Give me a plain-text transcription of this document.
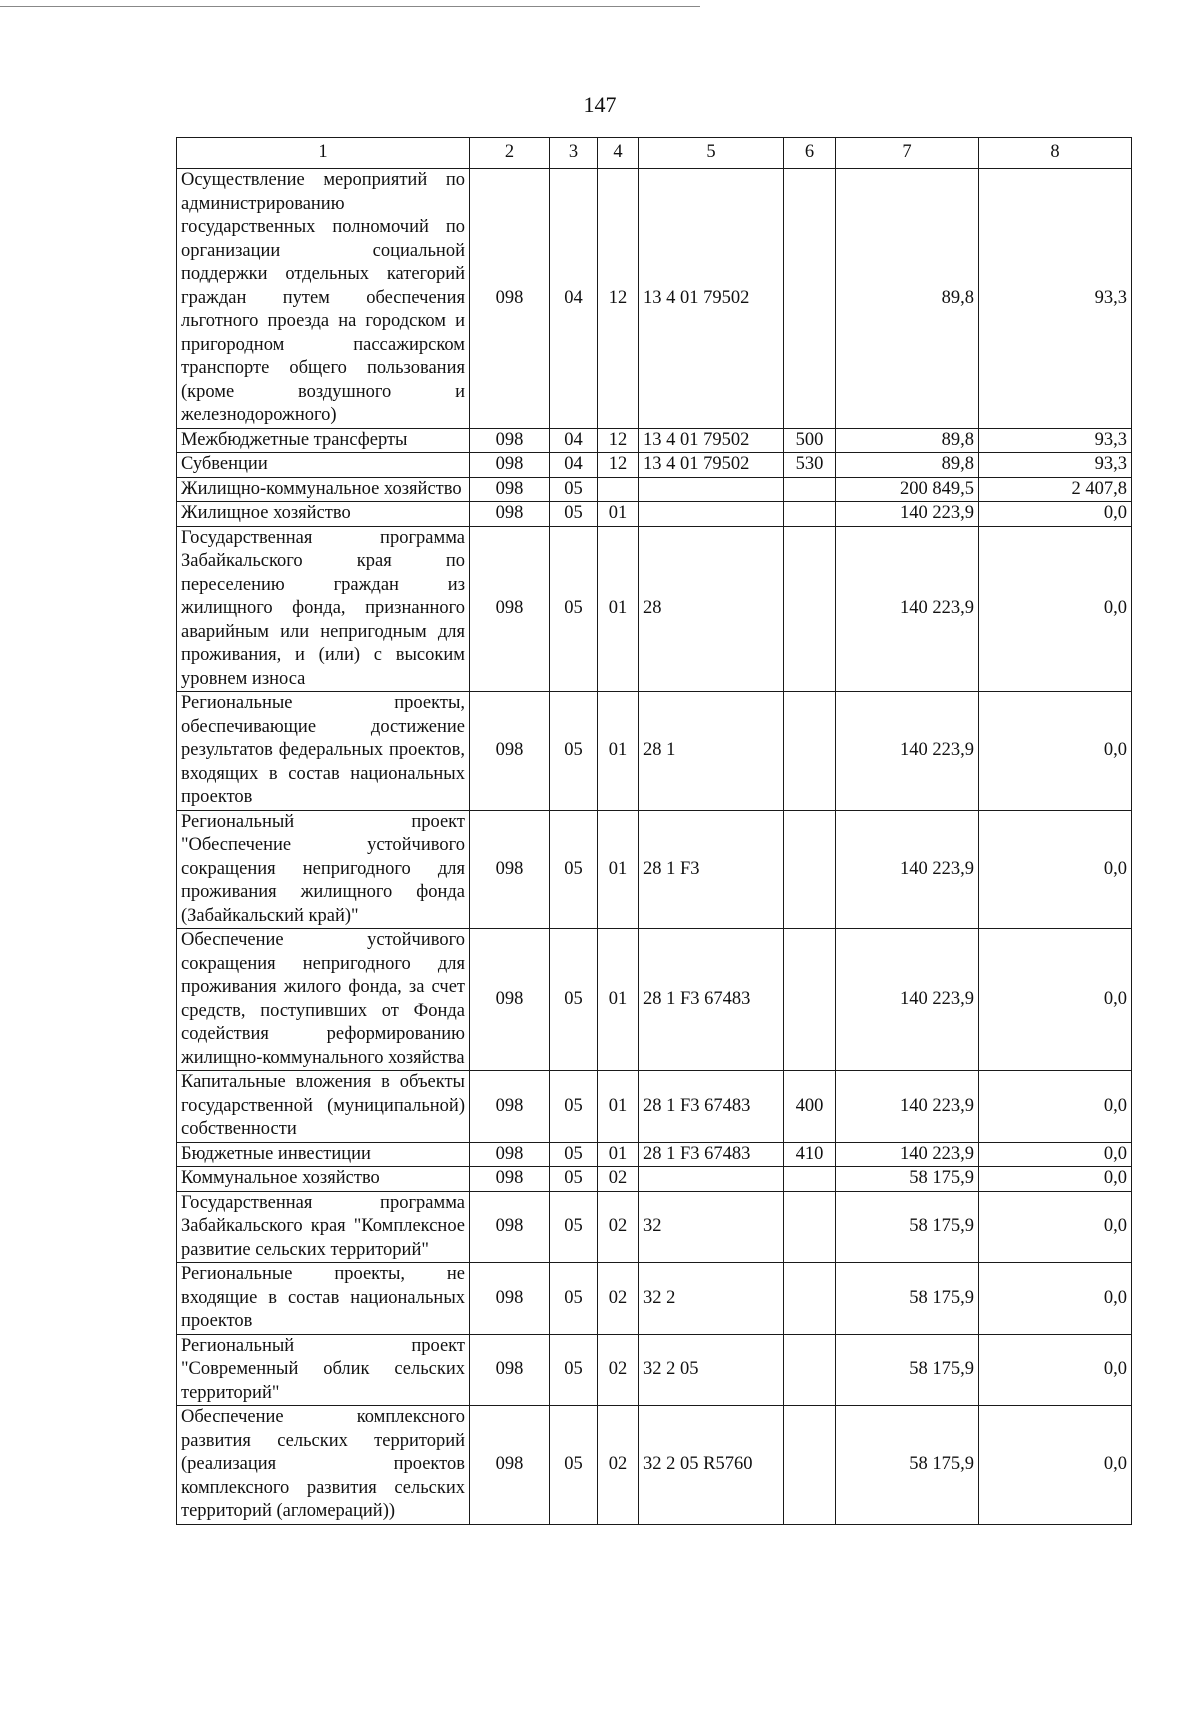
147
1	2	3	4	5	6	7	8
Осуществление мероприятий по администрированию государственных полномочий по организации социальной поддержки отдельных категорий граждан путем обеспечения льготного проезда на городском и пригородном пассажирском транспорте общего пользования (кроме воздушного и железнодорожного)	098	04	12	13 4 01 79502		89,8	93,3
Межбюджетные трансферты	098	04	12	13 4 01 79502	500	89,8	93,3
Субвенции	098	04	12	13 4 01 79502	530	89,8	93,3
Жилищно-коммунальное хозяйство	098	05				200 849,5	2 407,8
Жилищное хозяйство	098	05	01			140 223,9	0,0
Государственная программа Забайкальского края по переселению граждан из жилищного фонда, признанного аварийным или непригодным для проживания, и (или) с высоким уровнем износа	098	05	01	28		140 223,9	0,0
Региональные проекты, обеспечивающие достижение результатов федеральных проектов, входящих в состав национальных проектов	098	05	01	28 1		140 223,9	0,0
Региональный проект "Обеспечение устойчивого сокращения непригодного для проживания жилищного фонда (Забайкальский край)"	098	05	01	28 1 F3		140 223,9	0,0
Обеспечение устойчивого сокращения непригодного для проживания жилого фонда, за счет средств, поступивших от Фонда содействия реформированию жилищно-коммунального хозяйства	098	05	01	28 1 F3 67483		140 223,9	0,0
Капитальные вложения в объекты государственной (муниципальной) собственности	098	05	01	28 1 F3 67483	400	140 223,9	0,0
Бюджетные инвестиции	098	05	01	28 1 F3 67483	410	140 223,9	0,0
Коммунальное хозяйство	098	05	02			58 175,9	0,0
Государственная программа Забайкальского края "Комплексное развитие сельских территорий"	098	05	02	32		58 175,9	0,0
Региональные проекты, не входящие в состав национальных проектов	098	05	02	32 2		58 175,9	0,0
Региональный проект "Современный облик сельских территорий"	098	05	02	32 2 05		58 175,9	0,0
Обеспечение комплексного развития сельских территорий (реализация проектов комплексного развития сельских территорий (агломераций))	098	05	02	32 2 05 R5760		58 175,9	0,0
